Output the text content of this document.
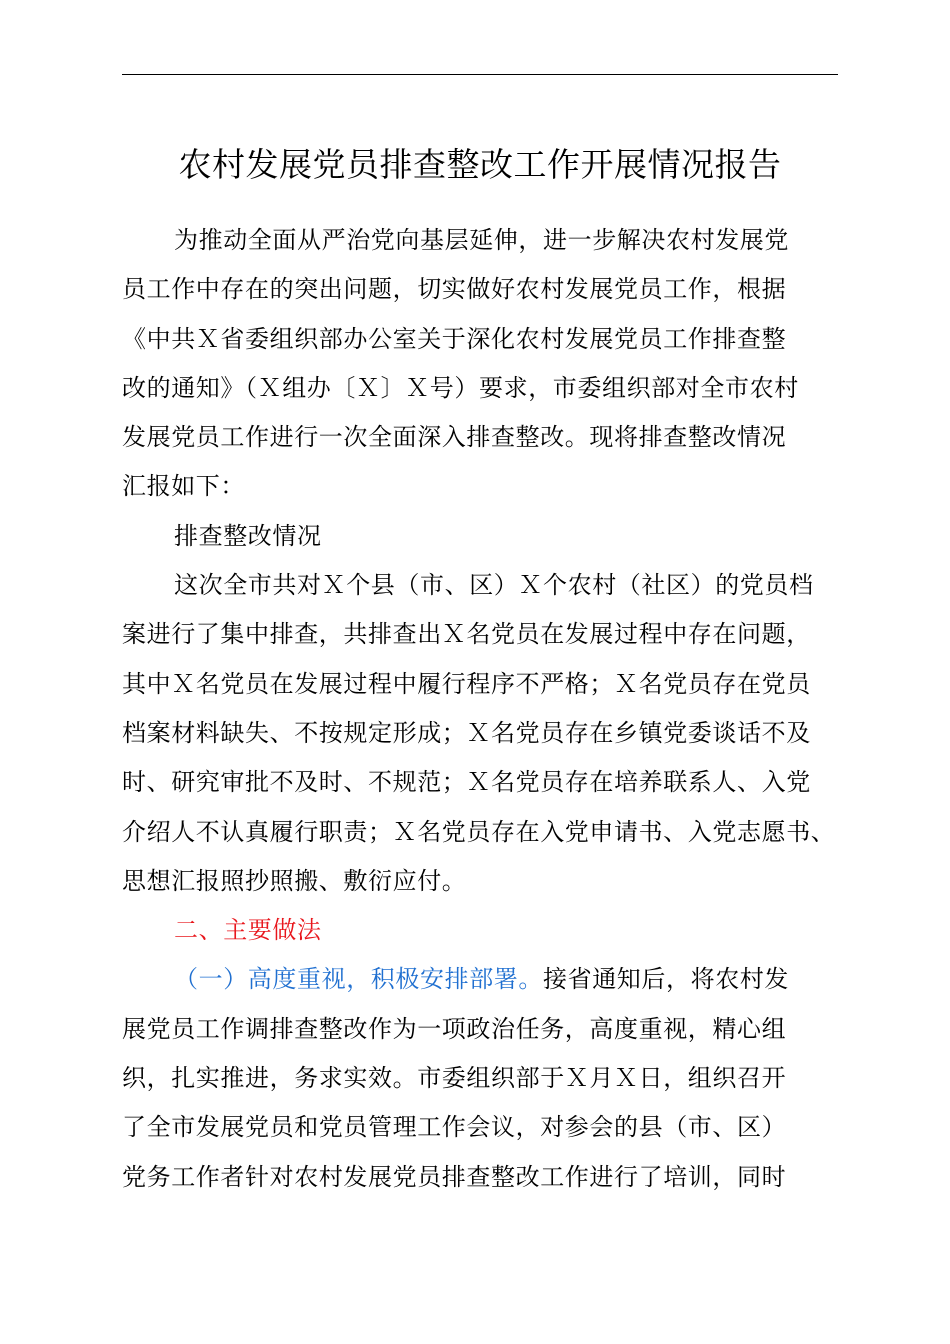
农村发展党员排查整改工作开展情况报告
为推动全面从严治党向基层延伸，进一步解决农村发展党
员工作中存在的突出问题，切实做好农村发展党员工作，根据
《中共Ｘ省委组织部办公室关于深化农村发展党员工作排查整
改的通知》（Ｘ组办〔Ｘ〕Ｘ号）要求，市委组织部对全市农村
发展党员工作进行一次全面深入排查整改。现将排查整改情况
汇报如下：
排查整改情况
这次全市共对Ｘ个县（市、区）Ｘ个农村（社区）的党员档
案进行了集中排查，共排查出Ｘ名党员在发展过程中存在问题，
其中Ｘ名党员在发展过程中履行程序不严格；Ｘ名党员存在党员
档案材料缺失、不按规定形成；Ｘ名党员存在乡镇党委谈话不及
时、研究审批不及时、不规范；Ｘ名党员存在培养联系人、入党
介绍人不认真履行职责；Ｘ名党员存在入党申请书、入党志愿书、
思想汇报照抄照搬、敷衍应付。
二、主要做法
（一）高度重视，积极安排部署。接省通知后，将农村发
展党员工作调排查整改作为一项政治任务，高度重视，精心组
织，扎实推进，务求实效。市委组织部于Ｘ月Ｘ日，组织召开
了全市发展党员和党员管理工作会议，对参会的县（市、区）
党务工作者针对农村发展党员排查整改工作进行了培训，同时
